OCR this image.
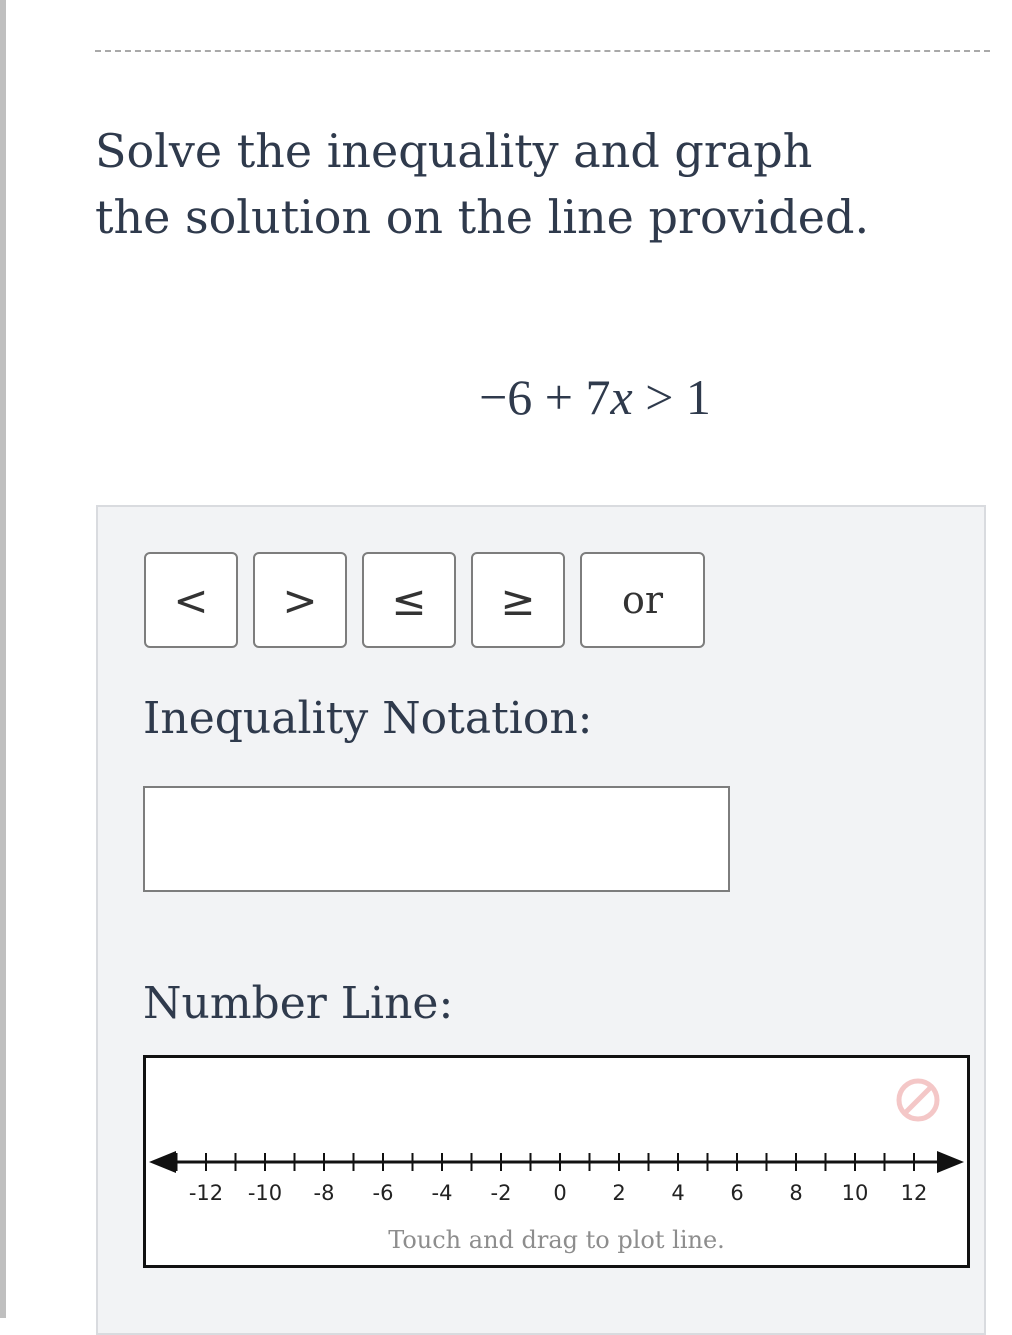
Solve the inequality and graph the solution on the line provided.
−6 + 7x > 1
<	>	≤	≥	or
Inequality Notation:
Number Line:
-12 -10 -8 -6 -4 -2 0 2 4 6 8 10 12
Touch and drag to plot line.
